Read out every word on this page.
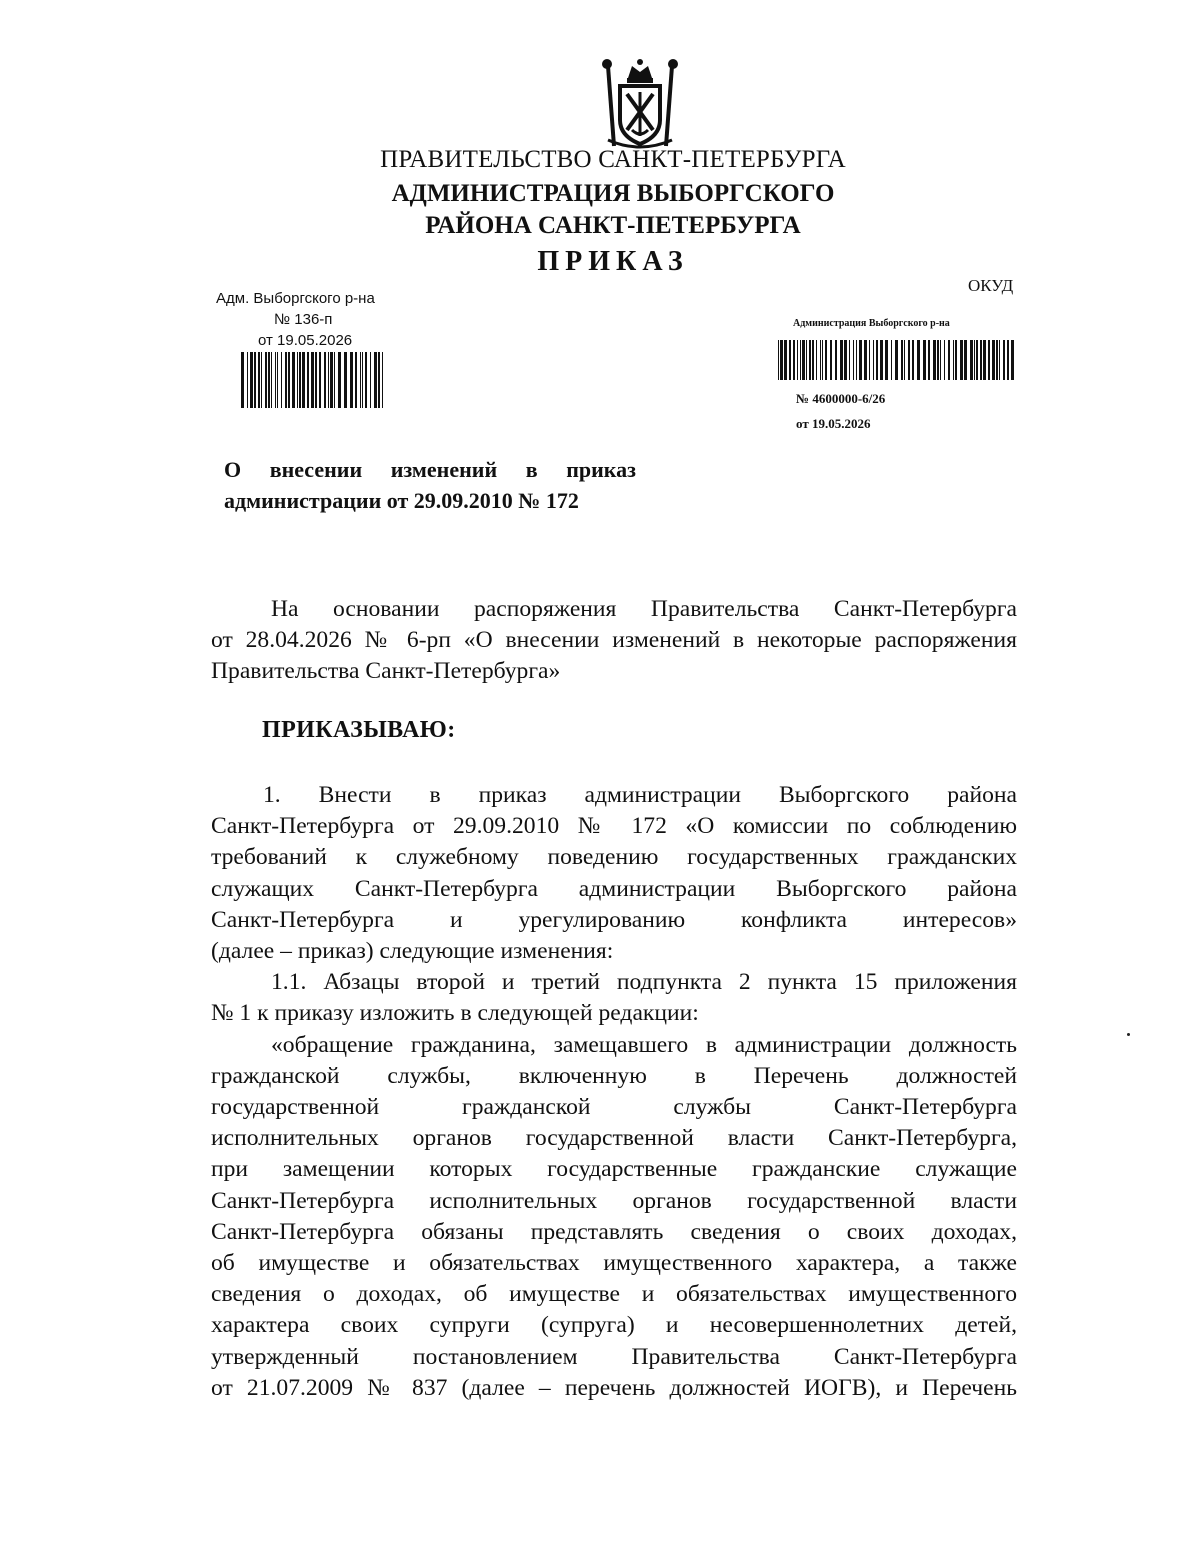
ПРАВИТЕЛЬСТВО САНКТ-ПЕТЕРБУРГА
АДМИНИСТРАЦИЯ ВЫБОРГСКОГО
РАЙОНА САНКТ-ПЕТЕРБУРГА
ПРИКАЗ
ОКУД
Адм. Выборгского р-на
№ 136-п
от 19.05.2026
Администрация Выборгского р-на
№ 4600000-6/26
от 19.05.2026
О внесении изменений в приказ
администрации от 29.09.2010 № 172
На основании распоряжения Правительства Санкт-Петербурга
от 28.04.2026 № 6-рп «О внесении изменений в некоторые распоряжения
Правительства Санкт-Петербурга»
ПРИКАЗЫВАЮ:
1. Внести в приказ администрации Выборгского района
Санкт-Петербурга от 29.09.2010 № 172 «О комиссии по соблюдению
требований к служебному поведению государственных гражданских
служащих Санкт-Петербурга администрации Выборгского района
Санкт-Петербурга и урегулированию конфликта интересов»
(далее – приказ) следующие изменения:
1.1. Абзацы второй и третий подпункта 2 пункта 15 приложения
№ 1 к приказу изложить в следующей редакции:
«обращение гражданина, замещавшего в администрации должность
гражданской службы, включенную в Перечень должностей
государственной гражданской службы Санкт-Петербурга
исполнительных органов государственной власти Санкт-Петербурга,
при замещении которых государственные гражданские служащие
Санкт-Петербурга исполнительных органов государственной власти
Санкт-Петербурга обязаны представлять сведения о своих доходах,
об имуществе и обязательствах имущественного характера, а также
сведения о доходах, об имуществе и обязательствах имущественного
характера своих супруги (супруга) и несовершеннолетних детей,
утвержденный постановлением Правительства Санкт-Петербурга
от 21.07.2009 № 837 (далее – перечень должностей ИОГВ), и Перечень
